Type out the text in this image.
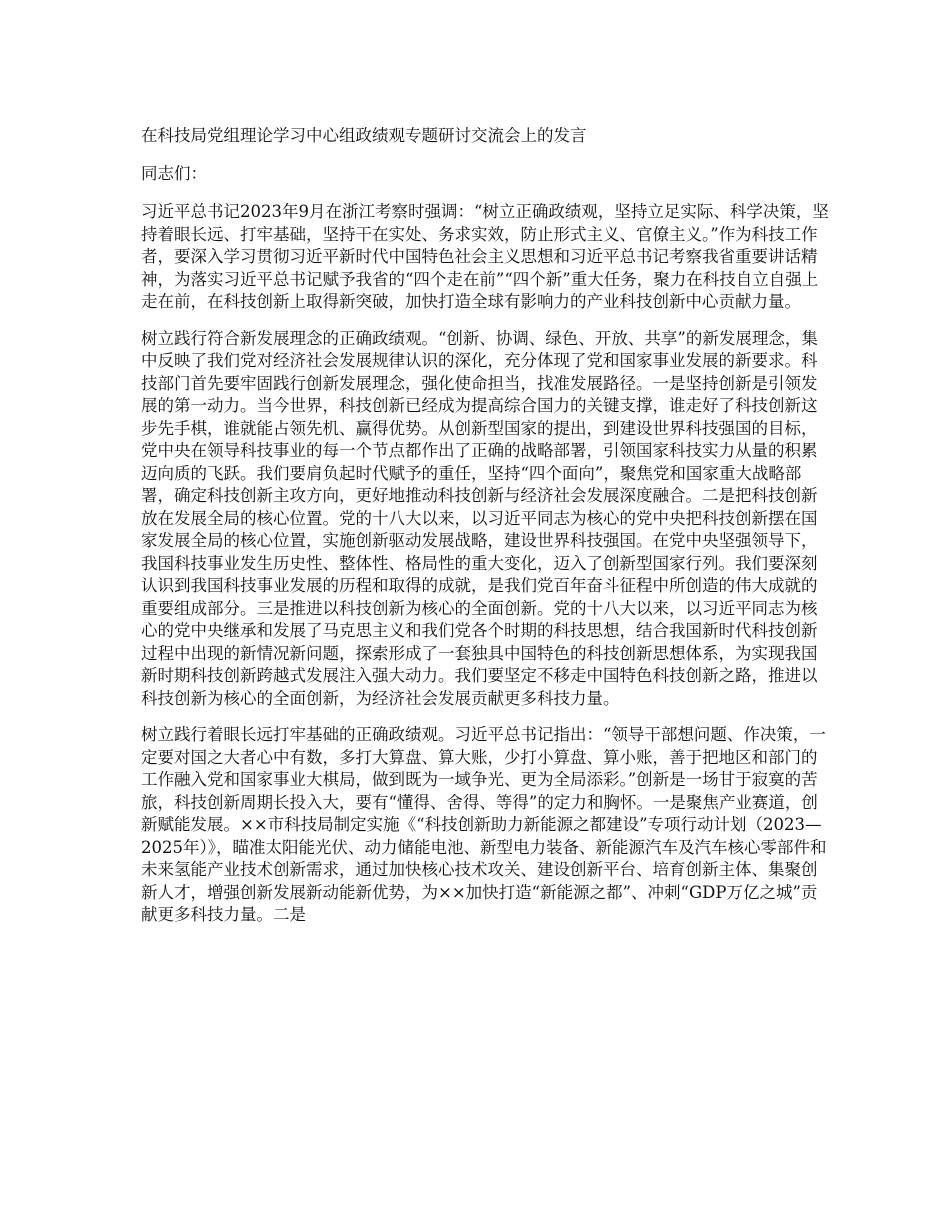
在科技局党组理论学习中心组政绩观专题研讨交流会上的发言
同志们：
习近平总书记2023年9月在浙江考察时强调：“树立正确政绩观，坚持立足实际、科学决策，坚持着眼长远、打牢基础，坚持干在实处、务求实效，防止形式主义、官僚主义。”作为科技工作者，要深入学习贯彻习近平新时代中国特色社会主义思想和习近平总书记考察我省重要讲话精神，为落实习近平总书记赋予我省的“四个走在前”“四个新”重大任务，聚力在科技自立自强上走在前，在科技创新上取得新突破，加快打造全球有影响力的产业科技创新中心贡献力量。
树立践行符合新发展理念的正确政绩观。“创新、协调、绿色、开放、共享”的新发展理念，集中反映了我们党对经济社会发展规律认识的深化，充分体现了党和国家事业发展的新要求。科技部门首先要牢固践行创新发展理念，强化使命担当，找准发展路径。一是坚持创新是引领发展的第一动力。当今世界，科技创新已经成为提高综合国力的关键支撑，谁走好了科技创新这步先手棋，谁就能占领先机、赢得优势。从创新型国家的提出，到建设世界科技强国的目标，党中央在领导科技事业的每一个节点都作出了正确的战略部署，引领国家科技实力从量的积累迈向质的飞跃。我们要肩负起时代赋予的重任，坚持“四个面向”，聚焦党和国家重大战略部署，确定科技创新主攻方向，更好地推动科技创新与经济社会发展深度融合。二是把科技创新放在发展全局的核心位置。党的十八大以来，以习近平同志为核心的党中央把科技创新摆在国家发展全局的核心位置，实施创新驱动发展战略，建设世界科技强国。在党中央坚强领导下，我国科技事业发生历史性、整体性、格局性的重大变化，迈入了创新型国家行列。我们要深刻认识到我国科技事业发展的历程和取得的成就，是我们党百年奋斗征程中所创造的伟大成就的重要组成部分。三是推进以科技创新为核心的全面创新。党的十八大以来，以习近平同志为核心的党中央继承和发展了马克思主义和我们党各个时期的科技思想，结合我国新时代科技创新过程中出现的新情况新问题，探索形成了一套独具中国特色的科技创新思想体系，为实现我国新时期科技创新跨越式发展注入强大动力。我们要坚定不移走中国特色科技创新之路，推进以科技创新为核心的全面创新，为经济社会发展贡献更多科技力量。
树立践行着眼长远打牢基础的正确政绩观。习近平总书记指出：“领导干部想问题、作决策，一定要对国之大者心中有数，多打大算盘、算大账，少打小算盘、算小账，善于把地区和部门的工作融入党和国家事业大棋局，做到既为一域争光、更为全局添彩。”创新是一场甘于寂寞的苦旅，科技创新周期长投入大，要有“懂得、舍得、等得”的定力和胸怀。一是聚焦产业赛道，创新赋能发展。××市科技局制定实施《“科技创新助力新能源之都建设”专项行动计划（2023—2025年）》，瞄准太阳能光伏、动力储能电池、新型电力装备、新能源汽车及汽车核心零部件和未来氢能产业技术创新需求，通过加快核心技术攻关、建设创新平台、培育创新主体、集聚创新人才，增强创新发展新动能新优势，为××加快打造“新能源之都”、冲刺“GDP万亿之城”贡献更多科技力量。二是
